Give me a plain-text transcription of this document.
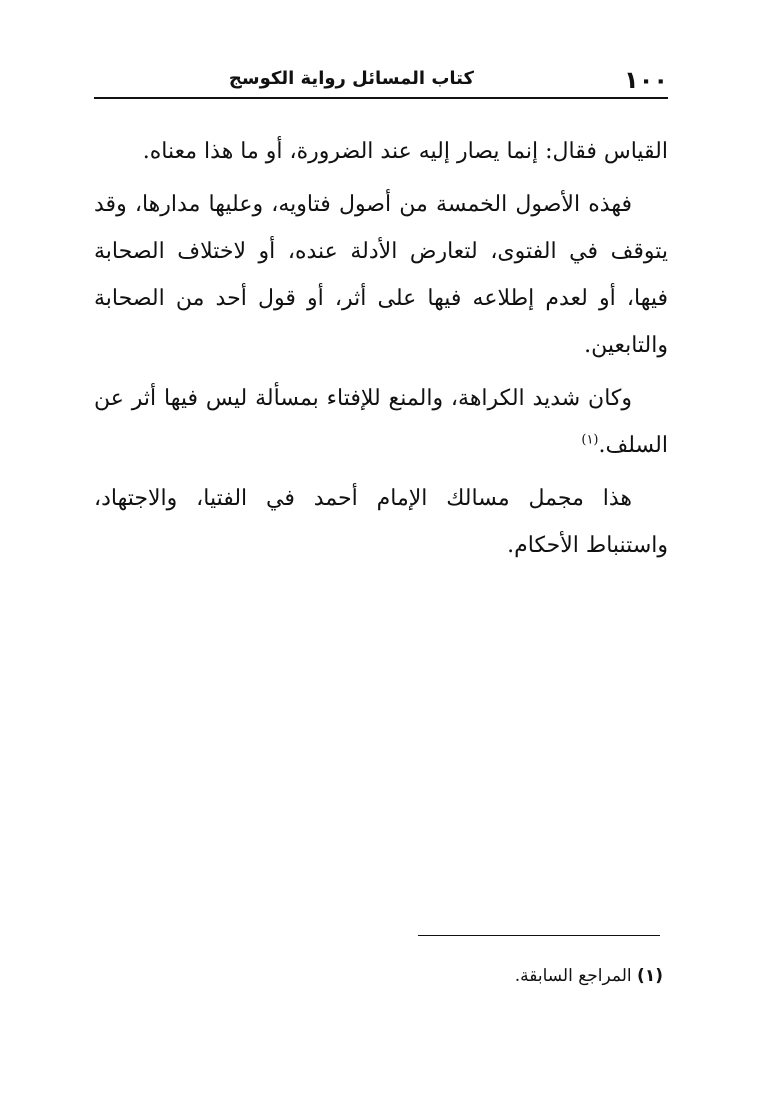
١٠٠
كتاب المسائل رواية الكوسج

القياس فقال: إنما يصار إليه عند الضرورة، أو ما هذا معناه.

فهذه الأصول الخمسة من أصول فتاويه، وعليها مدارها، وقد يتوقف في الفتوى، لتعارض الأدلة عنده، أو لاختلاف الصحابة فيها، أو لعدم إطلاعه فيها على أثر، أو قول أحد من الصحابة والتابعين.

وكان شديد الكراهة، والمنع للإفتاء بمسألة ليس فيها أثر عن السلف.$^{(١)}$

هذا مجمل مسالك الإمام أحمد في الفتيا، والاجتهاد، واستنباط الأحكام.

(١) المراجع السابقة.
